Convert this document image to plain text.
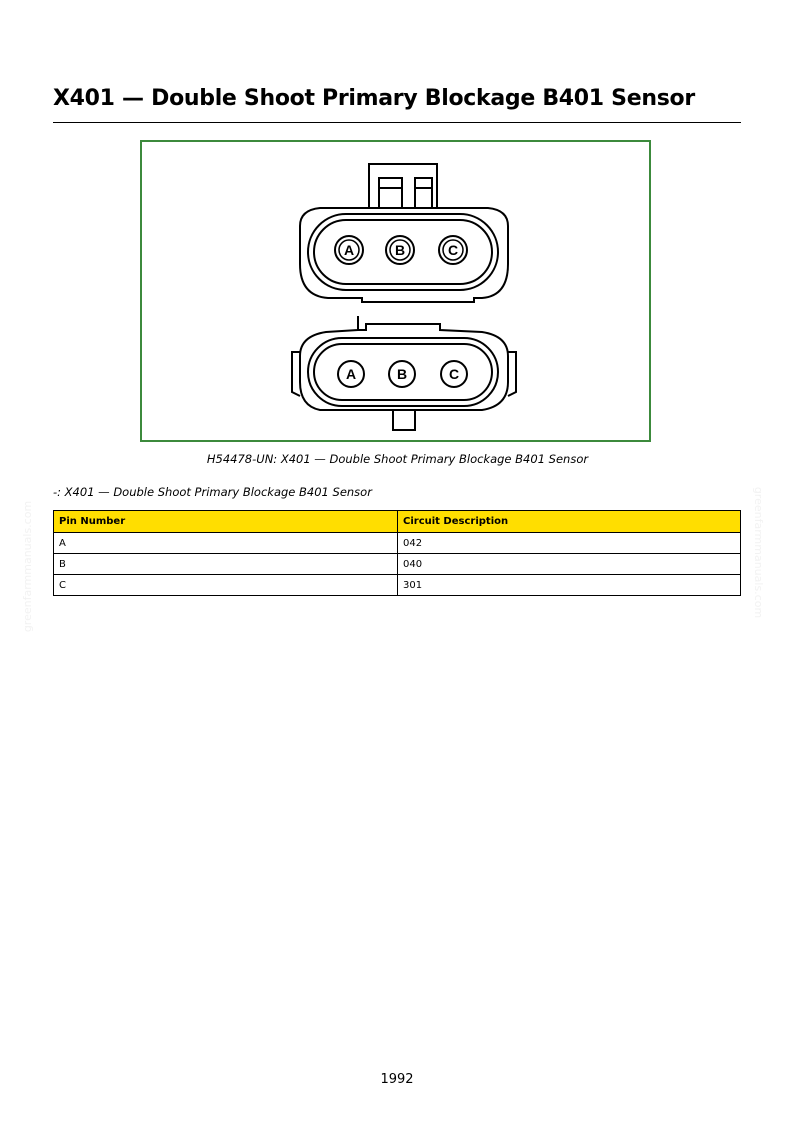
X401 — Double Shoot Primary Blockage B401 Sensor
A	B	C
A	B	C
H54478-UN: X401 — Double Shoot Primary Blockage B401 Sensor
-: X401 — Double Shoot Primary Blockage B401 Sensor
Pin Number	Circuit Description
A	042
B	040
C	301
greenfarmmanuals.com	greenfarmmanuals.com
1992
